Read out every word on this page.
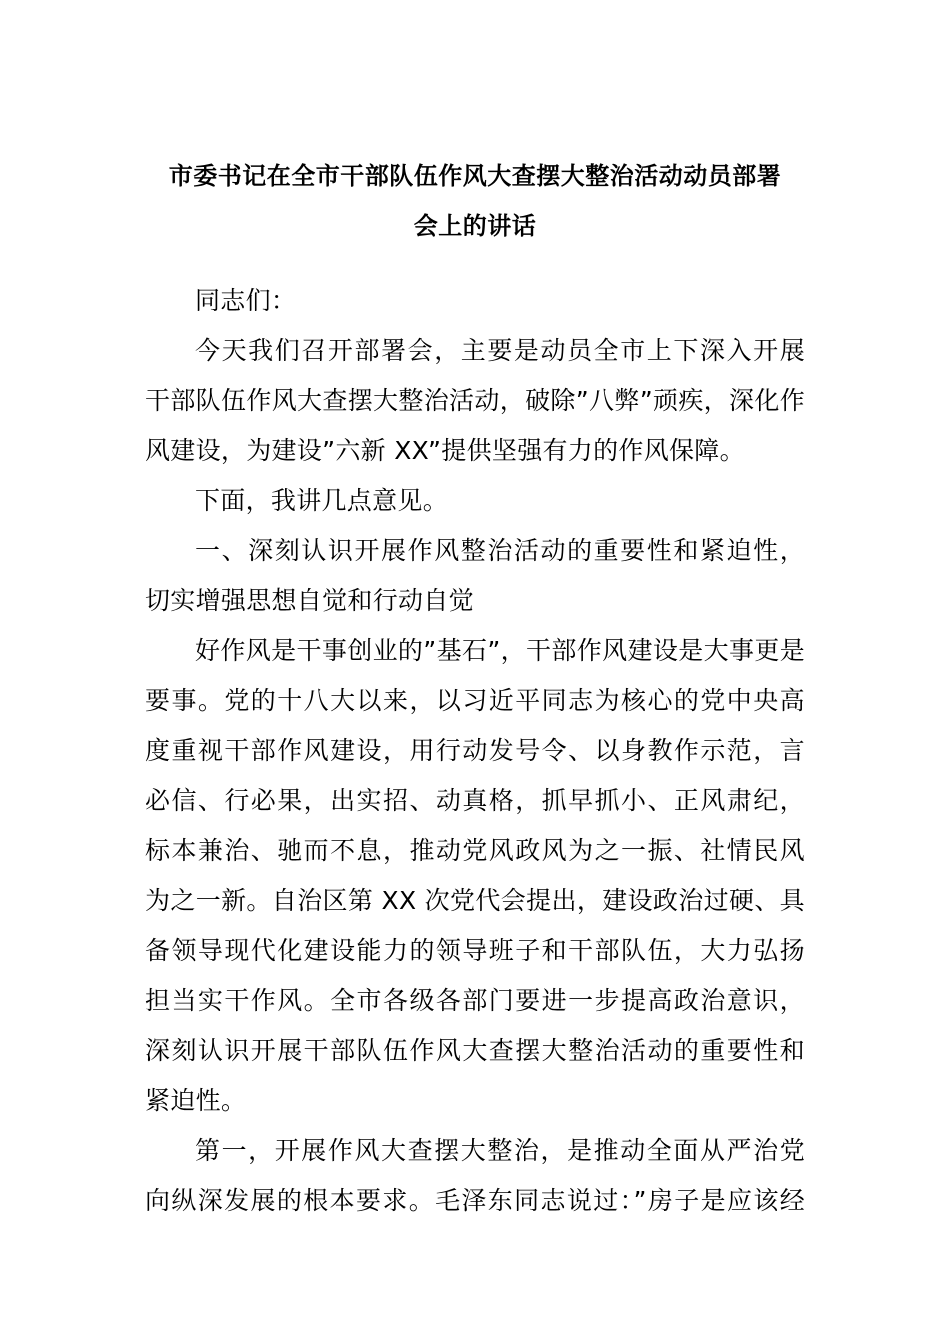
市委书记在全市干部队伍作风大查摆大整治活动动员部署
会上的讲话
同志们：
今天我们召开部署会，主要是动员全市上下深入开展
干部队伍作风大查摆大整治活动，破除”八弊”顽疾，深化作
风建设，为建设”六新 XX”提供坚强有力的作风保障。
下面，我讲几点意见。
一、深刻认识开展作风整治活动的重要性和紧迫性，
切实增强思想自觉和行动自觉
好作风是干事创业的”基石”，干部作风建设是大事更是
要事。党的十八大以来，以习近平同志为核心的党中央高
度重视干部作风建设，用行动发号令、以身教作示范，言
必信、行必果，出实招、动真格，抓早抓小、正风肃纪，
标本兼治、驰而不息，推动党风政风为之一振、社情民风
为之一新。自治区第 XX 次党代会提出，建设政治过硬、具
备领导现代化建设能力的领导班子和干部队伍，大力弘扬
担当实干作风。全市各级各部门要进一步提高政治意识，
深刻认识开展干部队伍作风大查摆大整治活动的重要性和
紧迫性。
第一，开展作风大查摆大整治，是推动全面从严治党
向纵深发展的根本要求。毛泽东同志说过：”房子是应该经
